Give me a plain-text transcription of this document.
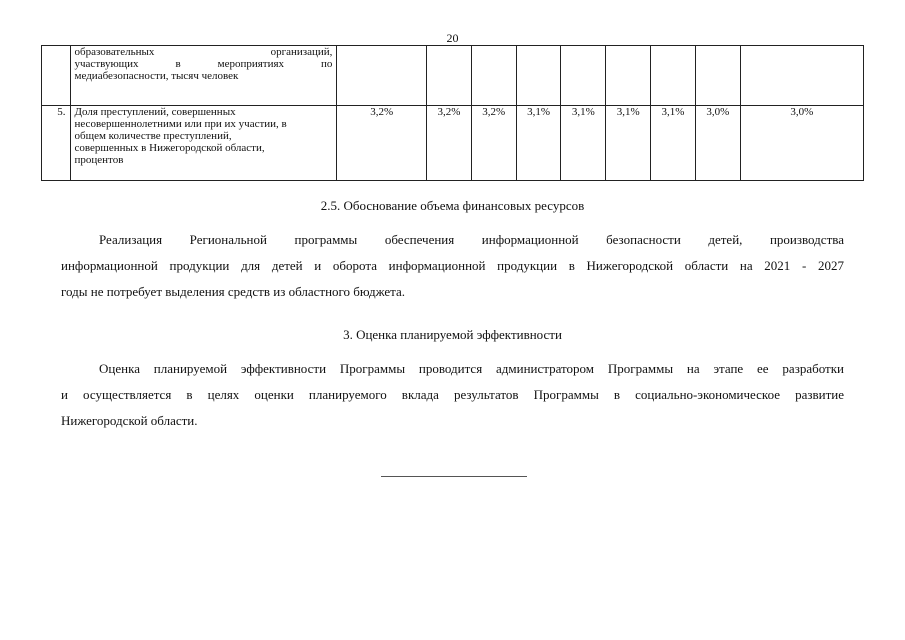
20

	образовательных организаций,
участвующих в мероприятиях по
медиабезопасности, тысяч человек									

5.	Доля преступлений, совершенных
несовершеннолетними или при их участии, в
общем количестве преступлений,
совершенных в Нижегородской области,
процентов	3,2%	3,2%	3,2%	3,1%	3,1%	3,1%	3,1%	3,0%	3,0%
2.5. Обоснование объема финансовых ресурсов
Реализация Региональной программы обеспечения информационной безопасности детей, производства
информационной продукции для детей и оборота информационной продукции в Нижегородской области на 2021 - 2027
годы не потребует выделения средств из областного бюджета.
3. Оценка планируемой эффективности
Оценка планируемой эффективности Программы проводится администратором Программы на этапе ее разработки
и осуществляется в целях оценки планируемого вклада результатов Программы в социально-экономическое развитие
Нижегородской области.
